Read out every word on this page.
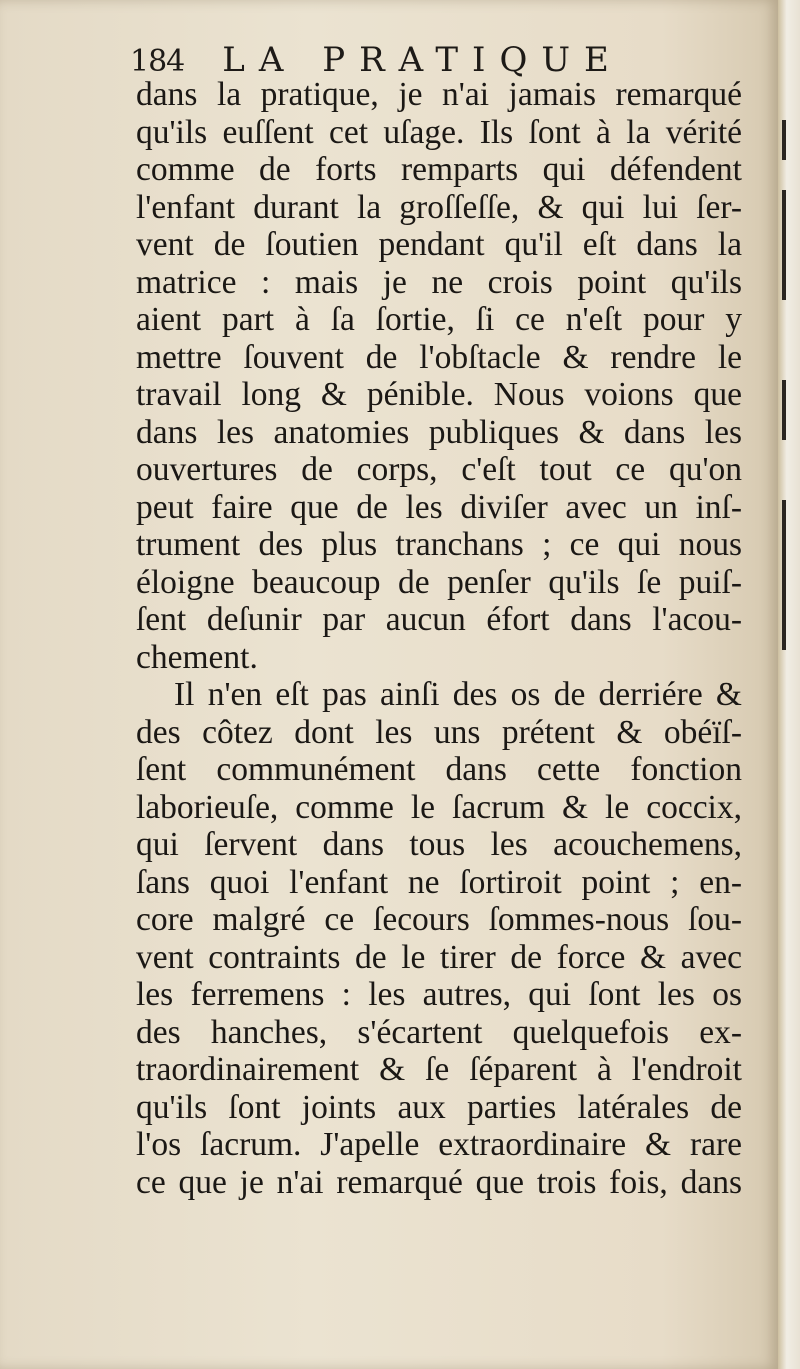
184 LA PRATIQUE
dans la pratique, je n'ai jamais remarqué
qu'ils euſſent cet uſage. Ils ſont à la vérité
comme de forts remparts qui défendent
l'enfant durant la groſſeſſe, & qui lui ſer-
vent de ſoutien pendant qu'il eſt dans la
matrice : mais je ne crois point qu'ils
aient part à ſa ſortie, ſi ce n'eſt pour y
mettre ſouvent de l'obſtacle & rendre le
travail long & pénible. Nous voions que
dans les anatomies publiques & dans les
ouvertures de corps, c'eſt tout ce qu'on
peut faire que de les diviſer avec un inſ-
trument des plus tranchans ; ce qui nous
éloigne beaucoup de penſer qu'ils ſe puiſ-
ſent deſunir par aucun éfort dans l'acou-
chement.
Il n'en eſt pas ainſi des os de derriére &
des côtez dont les uns prétent & obéïſ-
ſent communément dans cette fonction
laborieuſe, comme le ſacrum & le coccix,
qui ſervent dans tous les acouchemens,
ſans quoi l'enfant ne ſortiroit point ; en-
core malgré ce ſecours ſommes-nous ſou-
vent contraints de le tirer de force & avec
les ferremens : les autres, qui ſont les os
des hanches, s'écartent quelquefois ex-
traordinairement & ſe ſéparent à l'endroit
qu'ils ſont joints aux parties latérales de
l'os ſacrum. J'apelle extraordinaire & rare
ce que je n'ai remarqué que trois fois, dans
